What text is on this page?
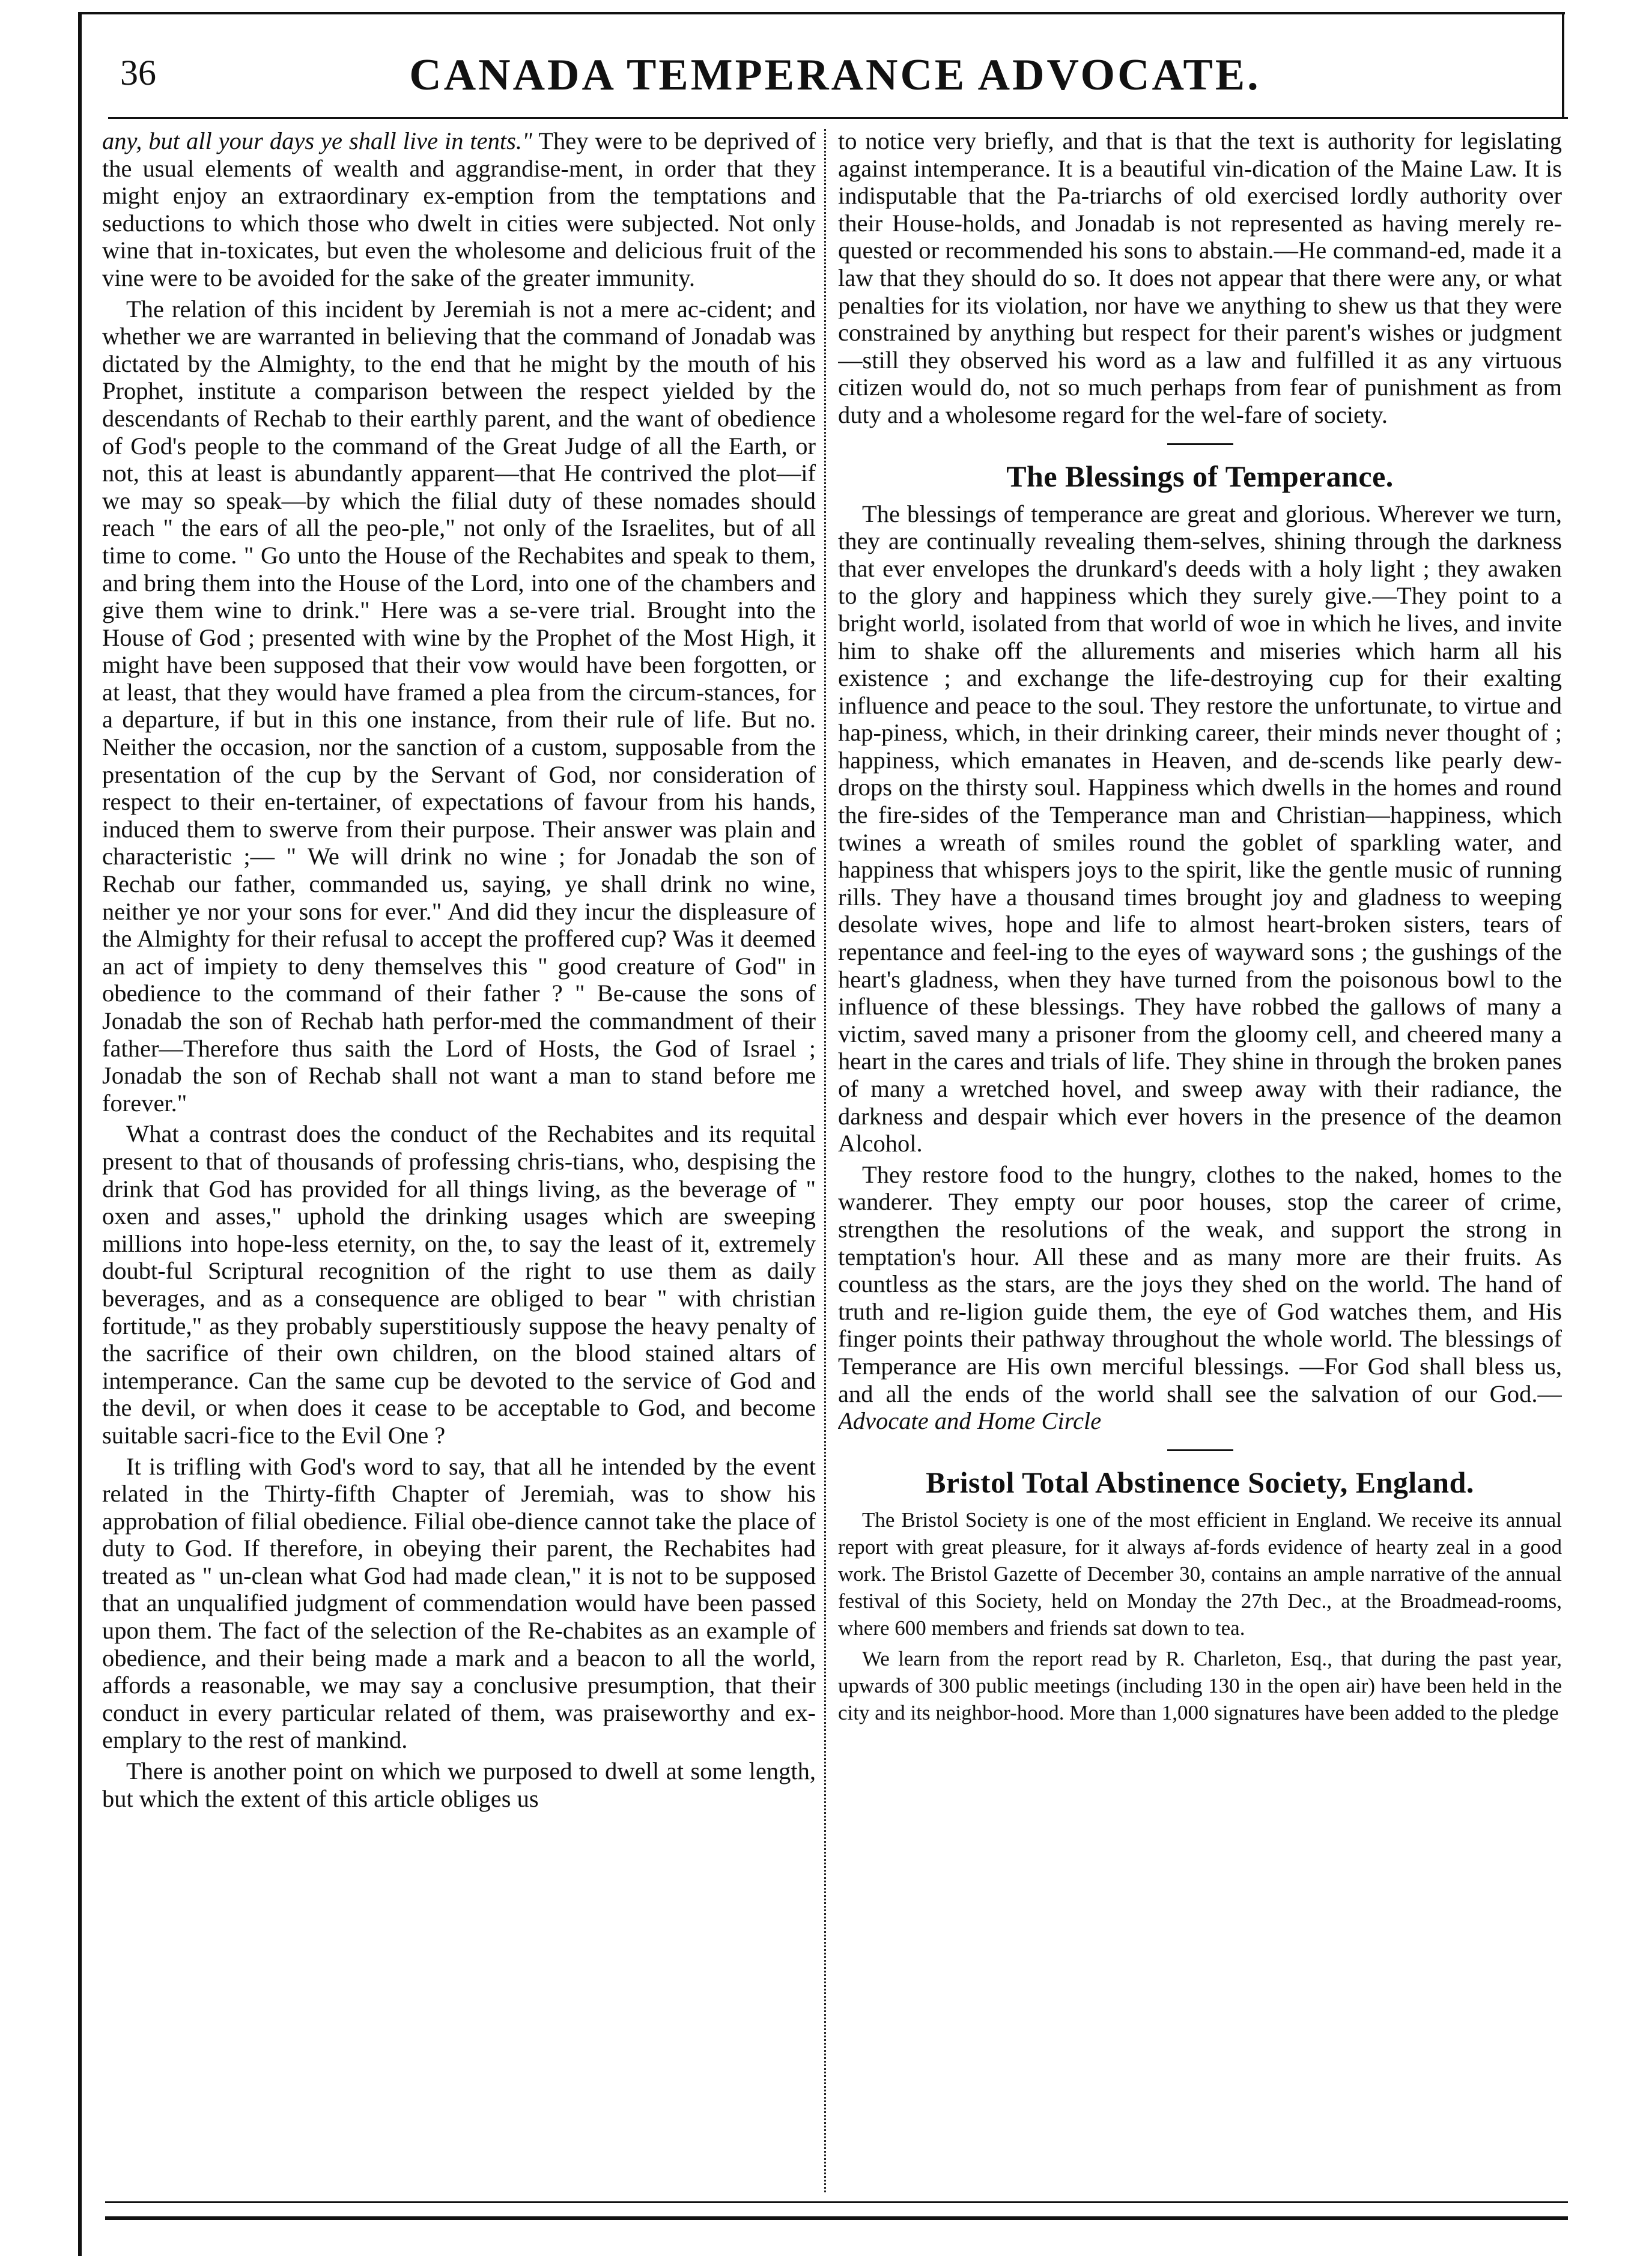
36	CANADA TEMPERANCE ADVOCATE.

any, but all your days ye shall live in tents." They were to be deprived of the usual elements of wealth and aggrandise-ment, in order that they might enjoy an extraordinary ex-emption from the temptations and seductions to which those who dwelt in cities were subjected. Not only wine that in-toxicates, but even the wholesome and delicious fruit of the vine were to be avoided for the sake of the greater immunity.

The relation of this incident by Jeremiah is not a mere ac-cident; and whether we are warranted in believing that the command of Jonadab was dictated by the Almighty, to the end that he might by the mouth of his Prophet, institute a comparison between the respect yielded by the descendants of Rechab to their earthly parent, and the want of obedience of God's people to the command of the Great Judge of all the Earth, or not, this at least is abundantly apparent—that He contrived the plot—if we may so speak—by which the filial duty of these nomades should reach " the ears of all the peo-ple," not only of the Israelites, but of all time to come. " Go unto the House of the Rechabites and speak to them, and bring them into the House of the Lord, into one of the chambers and give them wine to drink." Here was a se-vere trial. Brought into the House of God ; presented with wine by the Prophet of the Most High, it might have been supposed that their vow would have been forgotten, or at least, that they would have framed a plea from the circum-stances, for a departure, if but in this one instance, from their rule of life. But no. Neither the occasion, nor the sanction of a custom, supposable from the presentation of the cup by the Servant of God, nor consideration of respect to their en-tertainer, of expectations of favour from his hands, induced them to swerve from their purpose. Their answer was plain and characteristic ;— " We will drink no wine ; for Jonadab the son of Rechab our father, commanded us, saying, ye shall drink no wine, neither ye nor your sons for ever." And did they incur the displeasure of the Almighty for their refusal to accept the proffered cup? Was it deemed an act of impiety to deny themselves this " good creature of God" in obedience to the command of their father ? " Be-cause the sons of Jonadab the son of Rechab hath perfor-med the commandment of their father—Therefore thus saith the Lord of Hosts, the God of Israel ; Jonadab the son of Rechab shall not want a man to stand before me forever."

What a contrast does the conduct of the Rechabites and its requital present to that of thousands of professing chris-tians, who, despising the drink that God has provided for all things living, as the beverage of " oxen and asses," uphold the drinking usages which are sweeping millions into hope-less eternity, on the, to say the least of it, extremely doubt-ful Scriptural recognition of the right to use them as daily beverages, and as a consequence are obliged to bear " with christian fortitude," as they probably superstitiously suppose the heavy penalty of the sacrifice of their own children, on the blood stained altars of intemperance. Can the same cup be devoted to the service of God and the devil, or when does it cease to be acceptable to God, and become suitable sacri-fice to the Evil One ?

It is trifling with God's word to say, that all he intended by the event related in the Thirty-fifth Chapter of Jeremiah, was to show his approbation of filial obedience. Filial obe-dience cannot take the place of duty to God. If therefore, in obeying their parent, the Rechabites had treated as " un-clean what God had made clean," it is not to be supposed that an unqualified judgment of commendation would have been passed upon them. The fact of the selection of the Re-chabites as an example of obedience, and their being made a mark and a beacon to all the world, affords a reasonable, we may say a conclusive presumption, that their conduct in every particular related of them, was praiseworthy and ex-emplary to the rest of mankind.

There is another point on which we purposed to dwell at some length, but which the extent of this article obliges us

to notice very briefly, and that is that the text is authority for legislating against intemperance. It is a beautiful vin-dication of the Maine Law. It is indisputable that the Pa-triarchs of old exercised lordly authority over their House-holds, and Jonadab is not represented as having merely re-quested or recommended his sons to abstain.—He command-ed, made it a law that they should do so. It does not appear that there were any, or what penalties for its violation, nor have we anything to shew us that they were constrained by anything but respect for their parent's wishes or judgment—still they observed his word as a law and fulfilled it as any virtuous citizen would do, not so much perhaps from fear of punishment as from duty and a wholesome regard for the wel-fare of society.

The Blessings of Temperance.

The blessings of temperance are great and glorious. Wherever we turn, they are continually revealing them-selves, shining through the darkness that ever envelopes the drunkard's deeds with a holy light ; they awaken to the glory and happiness which they surely give.—They point to a bright world, isolated from that world of woe in which he lives, and invite him to shake off the allurements and miseries which harm all his existence ; and exchange the life-destroying cup for their exalting influence and peace to the soul. They restore the unfortunate, to virtue and hap-piness, which, in their drinking career, their minds never thought of ; happiness, which emanates in Heaven, and de-scends like pearly dew-drops on the thirsty soul. Happiness which dwells in the homes and round the fire-sides of the Temperance man and Christian—happiness, which twines a wreath of smiles round the goblet of sparkling water, and happiness that whispers joys to the spirit, like the gentle music of running rills. They have a thousand times brought joy and gladness to weeping desolate wives, hope and life to almost heart-broken sisters, tears of repentance and feel-ing to the eyes of wayward sons ; the gushings of the heart's gladness, when they have turned from the poisonous bowl to the influence of these blessings. They have robbed the gallows of many a victim, saved many a prisoner from the gloomy cell, and cheered many a heart in the cares and trials of life. They shine in through the broken panes of many a wretched hovel, and sweep away with their radiance, the darkness and despair which ever hovers in the presence of the deamon Alcohol.

They restore food to the hungry, clothes to the naked, homes to the wanderer. They empty our poor houses, stop the career of crime, strengthen the resolutions of the weak, and support the strong in temptation's hour. All these and as many more are their fruits. As countless as the stars, are the joys they shed on the world. The hand of truth and re-ligion guide them, the eye of God watches them, and His finger points their pathway throughout the whole world. The blessings of Temperance are His own merciful blessings. —For God shall bless us, and all the ends of the world shall see the salvation of our God.—Advocate and Home Circle

Bristol Total Abstinence Society, England.

The Bristol Society is one of the most efficient in England. We receive its annual report with great pleasure, for it always af-fords evidence of hearty zeal in a good work. The Bristol Gazette of December 30, contains an ample narrative of the annual festival of this Society, held on Monday the 27th Dec., at the Broadmead-rooms, where 600 members and friends sat down to tea.

We learn from the report read by R. Charleton, Esq., that during the past year, upwards of 300 public meetings (including 130 in the open air) have been held in the city and its neighbor-hood. More than 1,000 signatures have been added to the pledge
